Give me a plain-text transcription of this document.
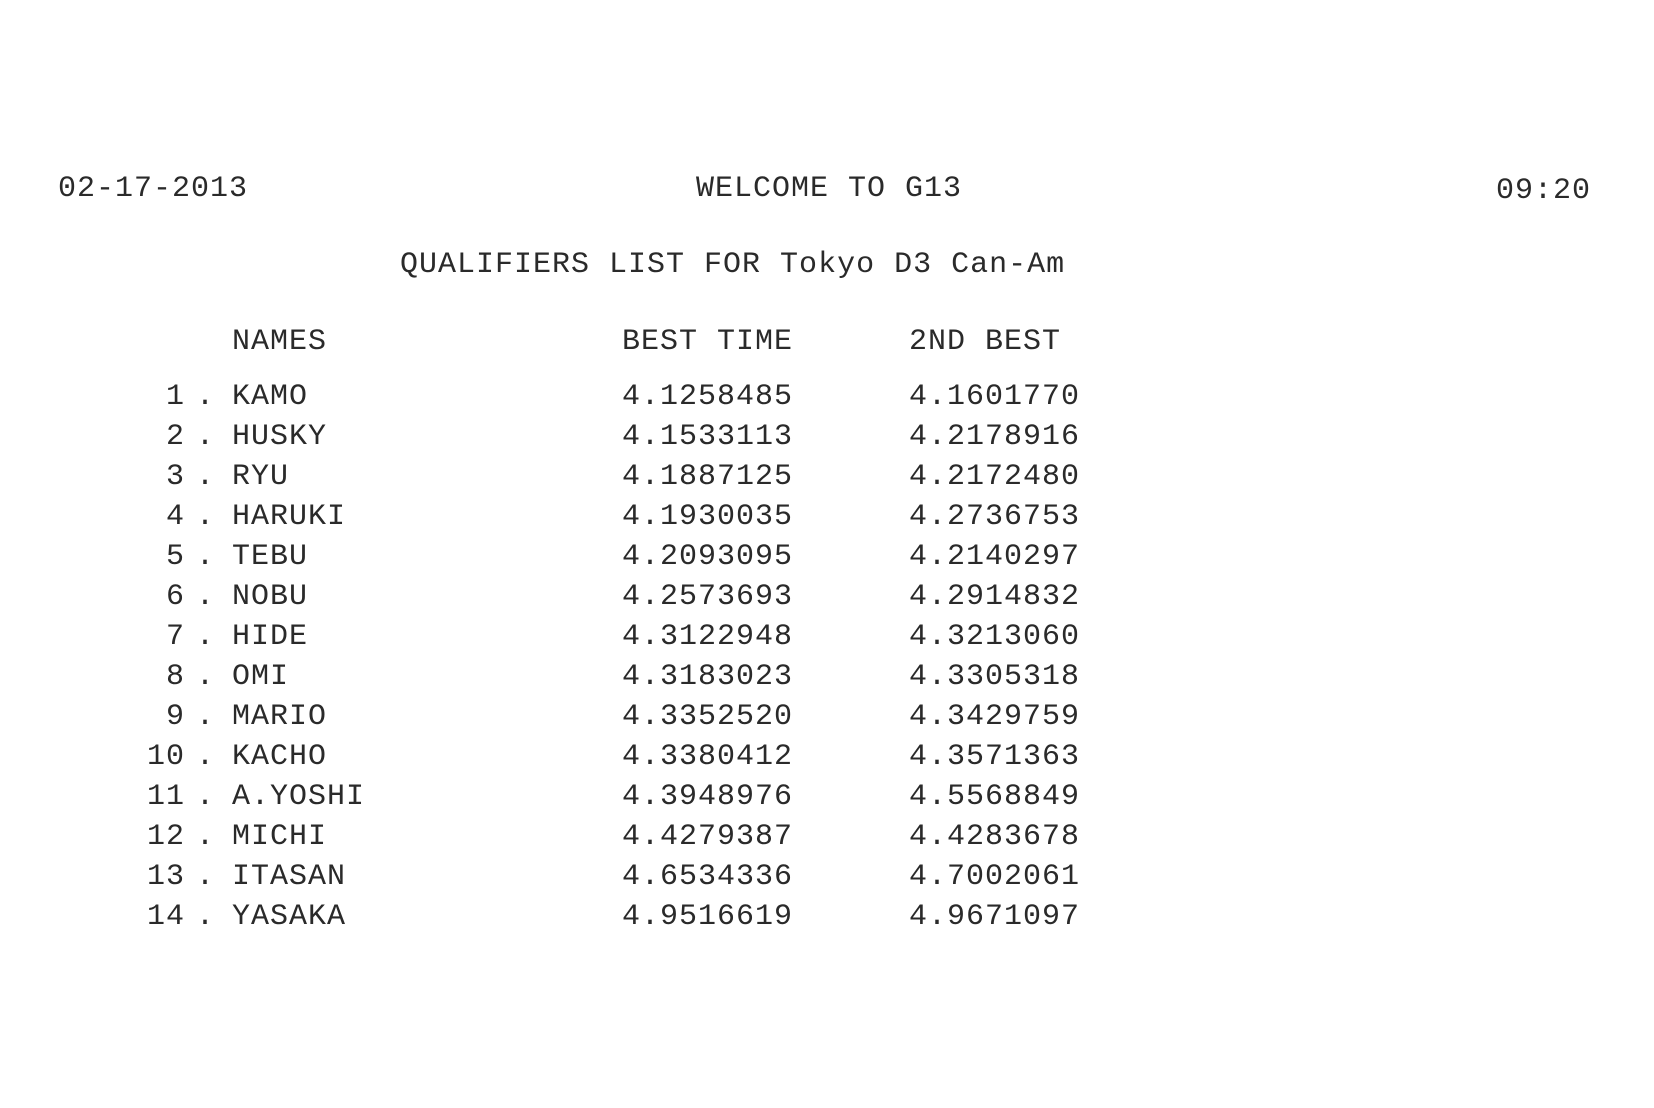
02-17-2013	WELCOME TO G13	09:20
QUALIFIERS LIST FOR Tokyo D3 Can-Am
NAMES	BEST TIME	2ND BEST
1 . KAMO	4.1258485	4.1601770
2 . HUSKY	4.1533113	4.2178916
3 . RYU	4.1887125	4.2172480
4 . HARUKI	4.1930035	4.2736753
5 . TEBU	4.2093095	4.2140297
6 . NOBU	4.2573693	4.2914832
7 . HIDE	4.3122948	4.3213060
8 . OMI	4.3183023	4.3305318
9 . MARIO	4.3352520	4.3429759
10 . KACHO	4.3380412	4.3571363
11 . A.YOSHI	4.3948976	4.5568849
12 . MICHI	4.4279387	4.4283678
13 . ITASAN	4.6534336	4.7002061
14 . YASAKA	4.9516619	4.9671097
